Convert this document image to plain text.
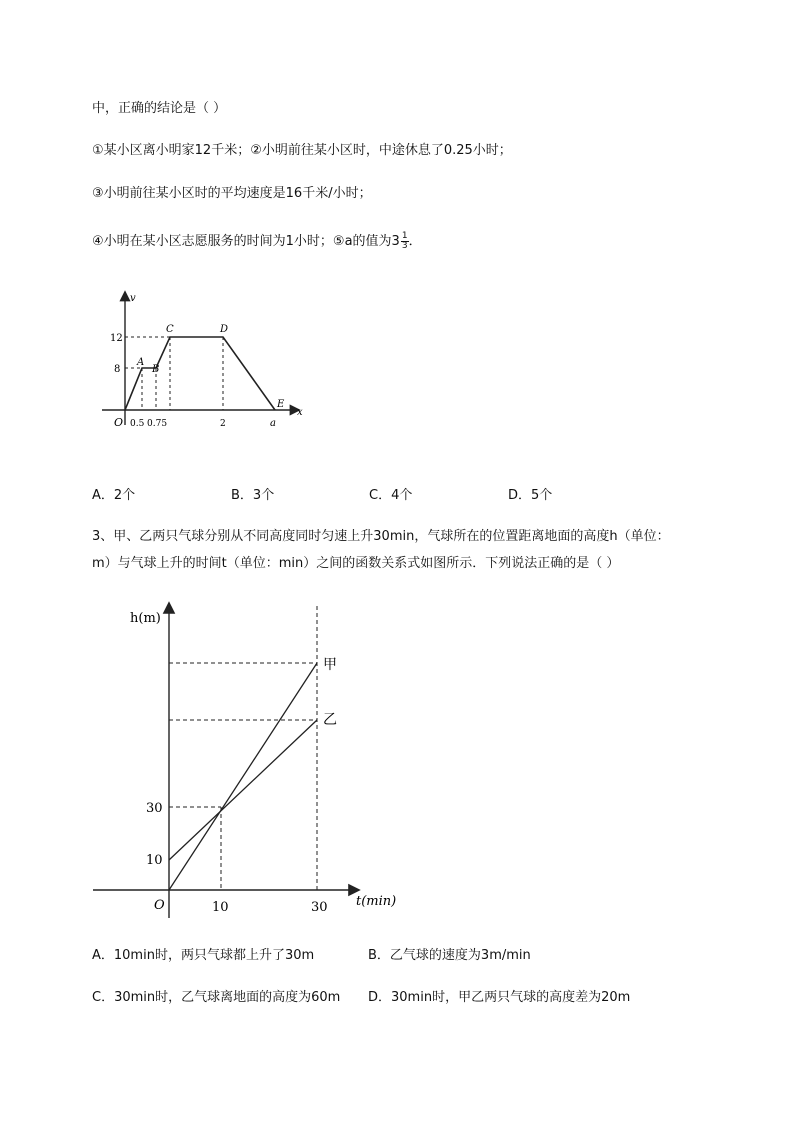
中，正确的结论是（ ）
①某小区离小明家12千米；②小明前往某小区时，中途休息了0.25小时；
③小明前往某小区时的平均速度是16千米/小时；
④小明在某小区志愿服务的时间为1小时；⑤a的值为$3 \frac{1}{3}$ ．
v
x
12
8
O 0.5 0.75	2	a
A
B
C	D
E
A．2个	B．3个	C．4个	D．5个
3、甲、乙两只气球分别从不同高度同时匀速上升30min，气球所在的位置距离地面的高度h（单位：
m）与气球上升的时间t（单位：min）之间的函数关系式如图所示．下列说法正确的是（ ）
h(m)
t(min)
O
30
10
10	30
甲
乙
A．10min时，两只气球都上升了30m	B．乙气球的速度为3m/min
C．30min时，乙气球离地面的高度为60m D．30min时，甲乙两只气球的高度差为20m
